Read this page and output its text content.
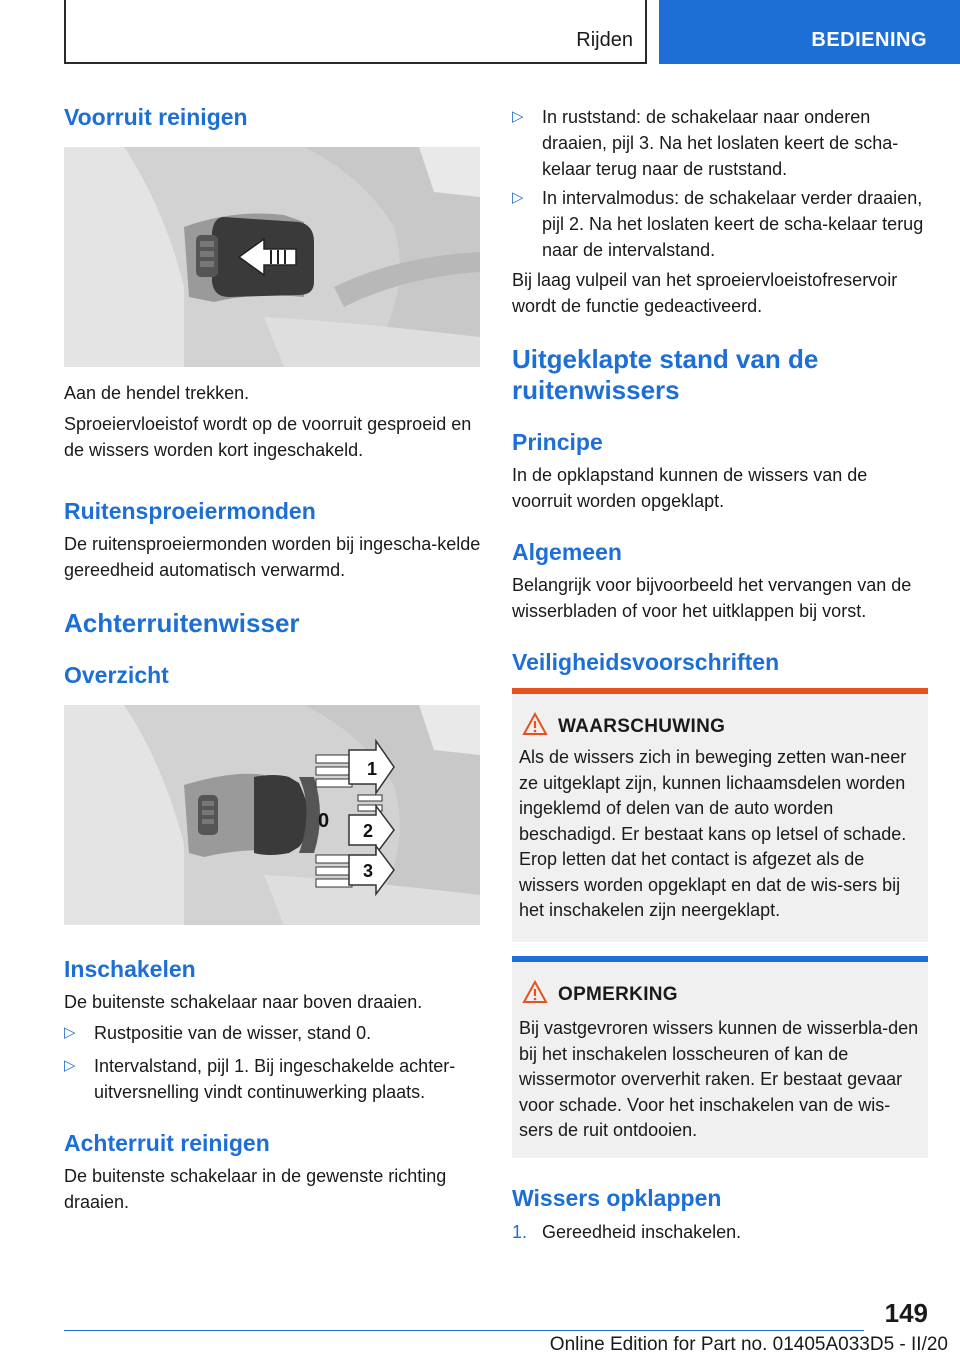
Rijden	BEDIENING
Voorruit reinigen

Aan de hendel trekken.

Sproeiervloeistof wordt op de voorruit gesproeid en de wissers worden kort ingeschakeld.

Ruitensproeiermonden

De ruitensproeiermonden worden bij ingescha-kelde gereedheid automatisch verwarmd.

Achterruitenwisser
Overzicht
1
0 2
3
Inschakelen

De buitenste schakelaar naar boven draaien.

▷ Rustpositie van de wisser, stand 0.
▷ Intervalstand, pijl 1. Bij ingeschakelde achter-uitversnelling vindt continuwerking plaats.
Achterruit reinigen

De buitenste schakelaar in de gewenste richting draaien.

▷ In ruststand: de schakelaar naar onderen draaien, pijl 3. Na het loslaten keert de scha-kelaar terug naar de ruststand.
▷ In intervalmodus: de schakelaar verder draaien, pijl 2. Na het loslaten keert de scha-kelaar terug naar de intervalstand.

Bij laag vulpeil van het sproeiervloeistofreservoir wordt de functie gedeactiveerd.

Uitgeklapte stand van de ruitenwissers
Principe

In de opklapstand kunnen de wissers van de voorruit worden opgeklapt.

Algemeen

Belangrijk voor bijvoorbeeld het vervangen van de wisserbladen of voor het uitklappen bij vorst.

Veiligheidsvoorschriften
WAARSCHUWING
Als de wissers zich in beweging zetten wan-neer ze uitgeklapt zijn, kunnen lichaamsdelen worden ingeklemd of delen van de auto worden beschadigd. Er bestaat kans op letsel of schade. Erop letten dat het contact is afgezet als de wissers worden opgeklapt en dat de wis-sers bij het inschakelen zijn neergeklapt.
OPMERKING
Bij vastgevroren wissers kunnen de wisserbla-den bij het inschakelen losscheuren of kan de wissermotor oververhit raken. Er bestaat gevaar voor schade. Voor het inschakelen van de wis-sers de ruit ontdooien.
Wissers opklappen
1. Gereedheid inschakelen.
149
Online Edition for Part no. 01405A033D5 - II/20
